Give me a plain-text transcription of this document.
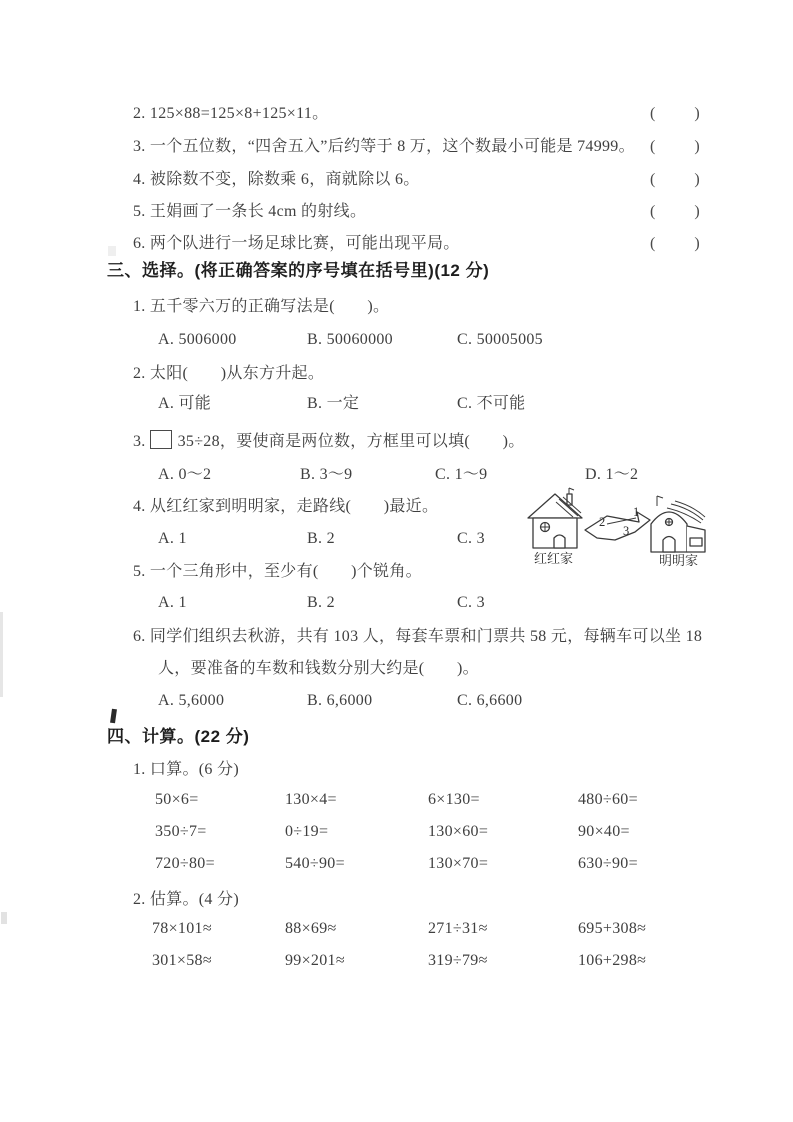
2. 125×88=125×8+125×11。	( )
3. 一个五位数，“四舍五入”后约等于 8 万，这个数最小可能是 74999。 ( )
4. 被除数不变，除数乘 6，商就除以 6。	( )
5. 王娟画了一条长 4cm 的射线。	( )
6. 两个队进行一场足球比赛，可能出现平局。	( )
三、选择。(将正确答案的序号填在括号里)(12 分)
1. 五千零六万的正确写法是(　　)。
A. 5006000	B. 50060000	C. 50005005
2. 太阳(　　)从东方升起。
A. 可能	B. 一定	C. 不可能
3. 35÷28，要使商是两位数，方框里可以填(　　)。
A. 0～2	B. 3～9	C. 1～9	D. 1～2
4. 从红红家到明明家，走路线(　　)最近。
A. 1	B. 2	C. 3
2
1
3
红红家	明明家
5. 一个三角形中，至少有(　　)个锐角。
A. 1	B. 2	C. 3
6. 同学们组织去秋游，共有 103 人，每套车票和门票共 58 元，每辆车可以坐 18
人，要准备的车数和钱数分别大约是(　　)。
A. 5,6000	B. 6,6000	C. 6,6600
四、计算。(22 分)
1. 口算。(6 分)
50×6=	130×4=	6×130=	480÷60=
350÷7=	0÷19=	130×60=	90×40=
720÷80=	540÷90=	130×70=	630÷90=
2. 估算。(4 分)
78×101≈	88×69≈	271÷31≈	695+308≈
301×58≈	99×201≈	319÷79≈	106+298≈
